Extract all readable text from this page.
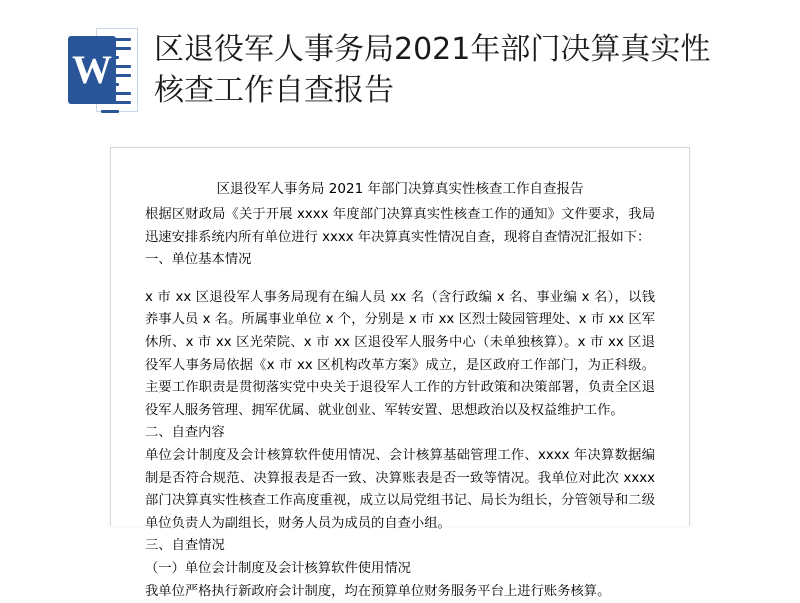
W 区退役军人事务局2021年部门决算真实性核查工作自查报告
区退役军人事务局 2021 年部门决算真实性核查工作自查报告

根据区财政局《关于开展 xxxx 年度部门决算真实性核查工作的通知》文件要求，我局迅速安排系统内所有单位进行 xxxx 年决算真实性情况自查，现将自查情况汇报如下：

一、单位基本情况

x 市 xx 区退役军人事务局现有在编人员 xx 名（含行政编 x 名、事业编 x 名），以钱养事人员 x 名。所属事业单位 x 个，分别是 x 市 xx 区烈士陵园管理处、x 市 xx 区军休所、x 市 xx 区光荣院、x 市 xx 区退役军人服务中心（未单独核算）。x 市 xx 区退役军人事务局依据《x 市 xx 区机构改革方案》成立，是区政府工作部门，为正科级。主要工作职责是贯彻落实党中央关于退役军人工作的方针政策和决策部署，负责全区退役军人服务管理、拥军优属、就业创业、军转安置、思想政治以及权益维护工作。

二、自查内容

单位会计制度及会计核算软件使用情况、会计核算基础管理工作、xxxx 年决算数据编制是否符合规范、决算报表是否一致、决算账表是否一致等情况。我单位对此次 xxxx 部门决算真实性核查工作高度重视，成立以局党组书记、局长为组长，分管领导和二级单位负责人为副组长，财务人员为成员的自查小组。

三、自查情况

（一）单位会计制度及会计核算软件使用情况

我单位严格执行新政府会计制度，均在预算单位财务服务平台上进行账务核算。
